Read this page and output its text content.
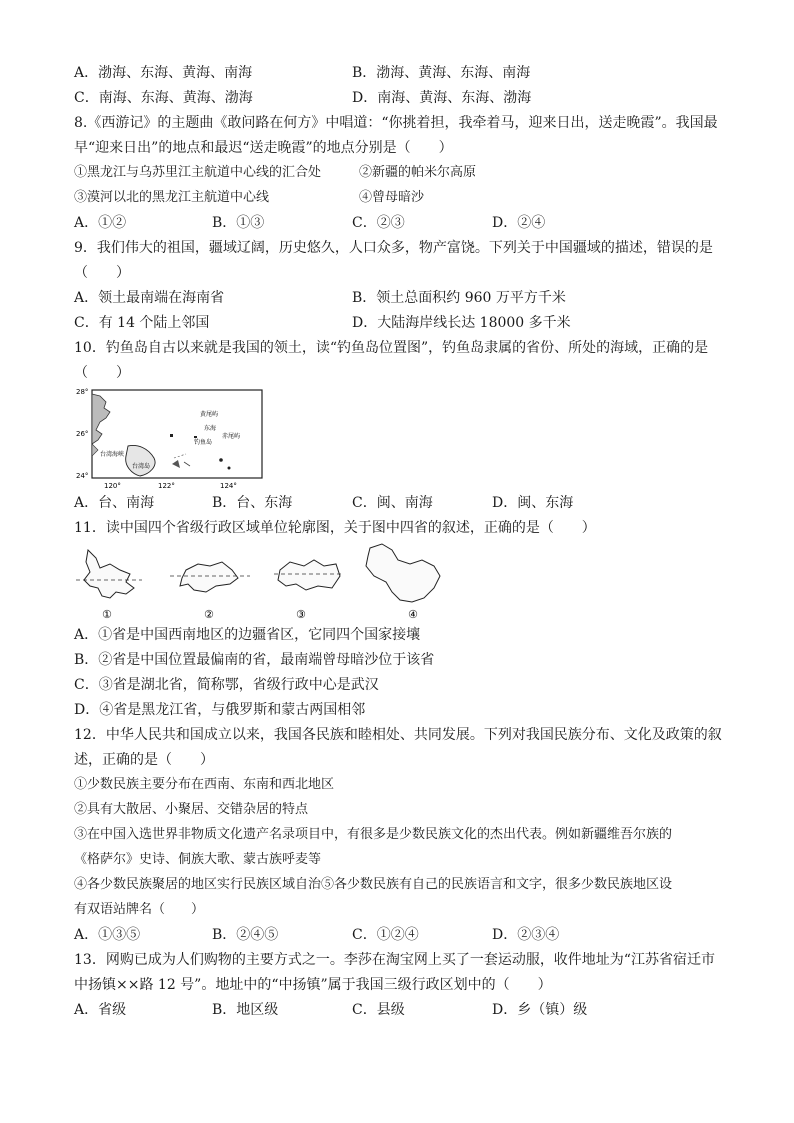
A．渤海、东海、黄海、南海	B．渤海、黄海、东海、南海
C．南海、东海、黄海、渤海	D．南海、黄海、东海、渤海
8.《西游记》的主题曲《敢问路在何方》中唱道：“你挑着担，我牵着马，迎来日出，送走晚霞”。我国最
早“迎来日出”的地点和最迟“送走晚霞”的地点分别是（　　）
①黑龙江与乌苏里江主航道中心线的汇合处	②新疆的帕米尔高原
③漠河以北的黑龙江主航道中心线	④曾母暗沙
A．①②	B．①③	C．②③	D．②④
9．我们伟大的祖国，疆域辽阔，历史悠久，人口众多，物产富饶。下列关于中国疆域的描述，错误的是
（　　）
A．领土最南端在海南省	B．领土总面积约 960 万平方千米
C．有 14 个陆上邻国	D．大陆海岸线长达 18000 多千米
10．钓鱼岛自古以来就是我国的领土，读“钓鱼岛位置图”，钓鱼岛隶属的省份、所处的海域，正确的是
（　　）
28°
26°
24°
120°	122°	124°
台湾海峡
台湾岛
钓鱼岛
东海
赤尾屿
黄尾屿
A．台、南海	B．台、东海	C．闽、南海	D．闽、东海
11．读中国四个省级行政区域单位轮廓图，关于图中四省的叙述，正确的是（　　）
①	②	③	④
A．①省是中国西南地区的边疆省区，它同四个国家接壤
B．②省是中国位置最偏南的省，最南端曾母暗沙位于该省
C．③省是湖北省，简称鄂，省级行政中心是武汉
D．④省是黑龙江省，与俄罗斯和蒙古两国相邻
12．中华人民共和国成立以来，我国各民族和睦相处、共同发展。下列对我国民族分布、文化及政策的叙
述，正确的是（　　）
①少数民族主要分布在西南、东南和西北地区
②具有大散居、小聚居、交错杂居的特点
③在中国入选世界非物质文化遗产名录项目中，有很多是少数民族文化的杰出代表。例如新疆维吾尔族的
《格萨尔》史诗、侗族大歌、蒙古族呼麦等
④各少数民族聚居的地区实行民族区域自治⑤各少数民族有自己的民族语言和文字，很多少数民族地区设
有双语站牌名（　　）
A．①③⑤	B．②④⑤	C．①②④	D．②③④
13．网购已成为人们购物的主要方式之一。李莎在淘宝网上买了一套运动服，收件地址为“江苏省宿迁市
中扬镇××路 12 号”。地址中的“中扬镇”属于我国三级行政区划中的（　　）
A．省级	B．地区级	C．县级	D．乡（镇）级
